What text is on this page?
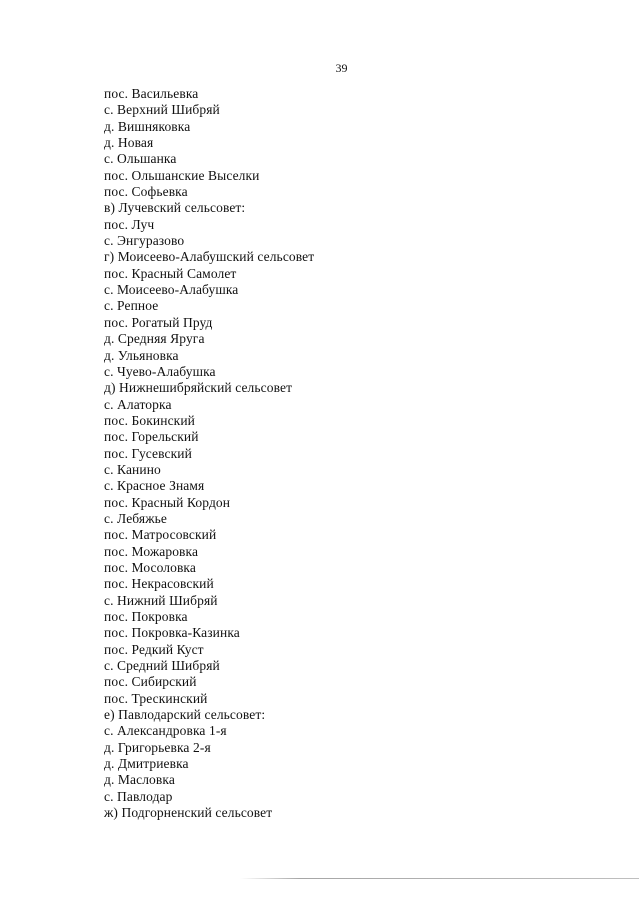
39
пос. Васильевка
с. Верхний Шибряй
д. Вишняковка
д. Новая
с. Ольшанка
пос. Ольшанские Выселки
пос. Софьевка
в) Лучевский сельсовет:
пос. Луч
с. Энгуразово
г) Моисеево-Алабушский сельсовет
пос. Красный Самолет
с. Моисеево-Алабушка
с. Репное
пос. Рогатый Пруд
д. Средняя Яруга
д. Ульяновка
с. Чуево-Алабушка
д) Нижнешибряйский сельсовет
с. Алаторка
пос. Бокинский
пос. Горельский
пос. Гусевский
с. Канино
с. Красное Знамя
пос. Красный Кордон
с. Лебяжье
пос. Матросовский
пос. Можаровка
пос. Мосоловка
пос. Некрасовский
с. Нижний Шибряй
пос. Покровка
пос. Покровка-Казинка
пос. Редкий Куст
с. Средний Шибряй
пос. Сибирский
пос. Трескинский
е) Павлодарский сельсовет:
с. Александровка 1-я
д. Григорьевка 2-я
д. Дмитриевка
д. Масловка
с. Павлодар
ж) Подгорненский сельсовет
